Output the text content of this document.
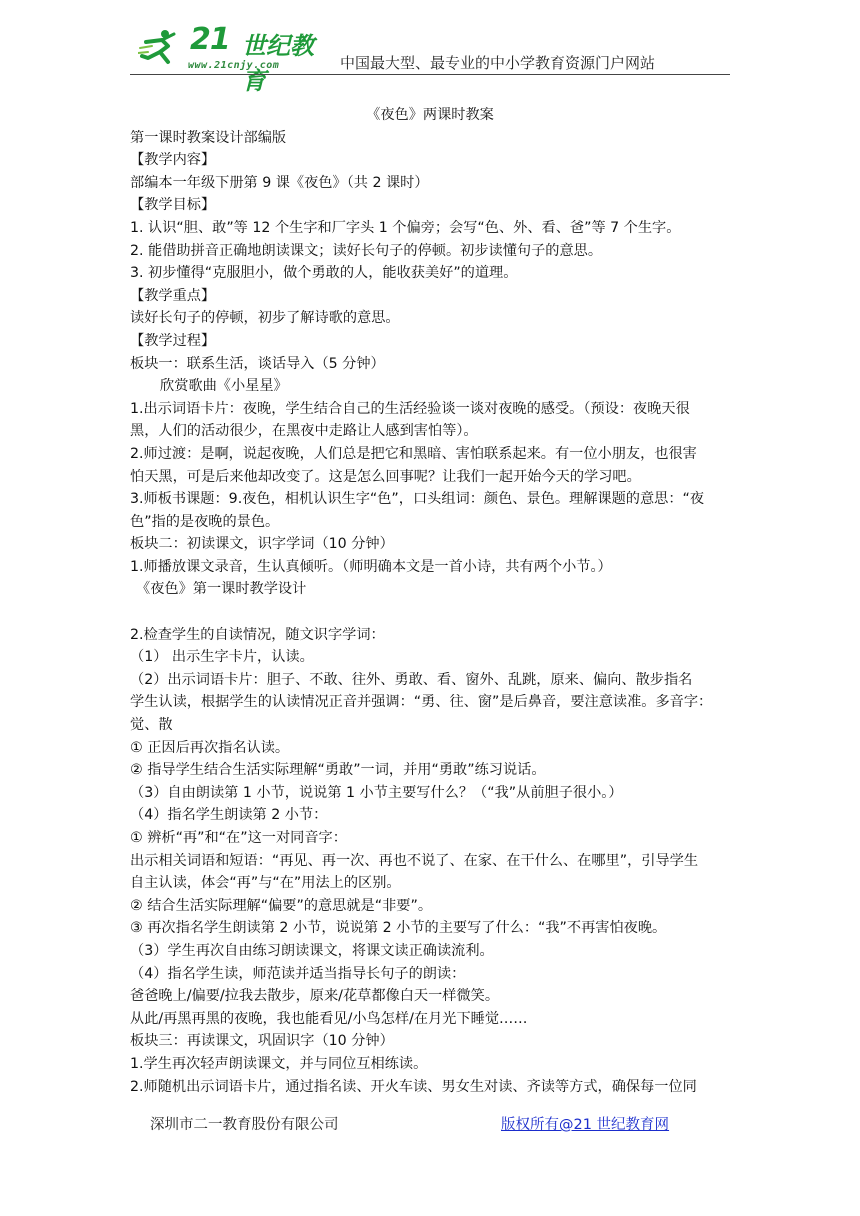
21 世纪教育
www.21cnjy.com	中国最大型、最专业的中小学教育资源门户网站
《夜色》两课时教案
第一课时教案设计部编版
【教学内容】
部编本一年级下册第 9 课《夜色》（共 2 课时）
【教学目标】
1. 认识“胆、敢”等 12 个生字和厂字头 1 个偏旁；会写“色、外、看、爸”等 7 个生字。
2. 能借助拼音正确地朗读课文；读好长句子的停顿。初步读懂句子的意思。
3. 初步懂得“克服胆小，做个勇敢的人，能收获美好”的道理。
【教学重点】
读好长句子的停顿，初步了解诗歌的意思。
【教学过程】
板块一：联系生活，谈话导入（5 分钟）
欣赏歌曲《小星星》
1.出示词语卡片：夜晚，学生结合自己的生活经验谈一谈对夜晚的感受。（预设：夜晚天很
黑，人们的活动很少，在黑夜中走路让人感到害怕等）。
2.师过渡：是啊，说起夜晚，人们总是把它和黑暗、害怕联系起来。有一位小朋友，也很害
怕天黑，可是后来他却改变了。这是怎么回事呢？让我们一起开始今天的学习吧。
3.师板书课题：9.夜色，相机认识生字“色”，口头组词：颜色、景色。理解课题的意思：“夜
色”指的是夜晚的景色。
板块二：初读课文，识字学词（10 分钟）
1.师播放课文录音，生认真倾听。（师明确本文是一首小诗，共有两个小节。）
《夜色》第一课时教学设计
2.检查学生的自读情况，随文识字学词：
（1） 出示生字卡片，认读。
（2）出示词语卡片：胆子、不敢、往外、勇敢、看、窗外、乱跳，原来、偏向、散步指名
学生认读，根据学生的认读情况正音并强调：“勇、往、窗”是后鼻音，要注意读准。多音字：
觉、散
① 正因后再次指名认读。
② 指导学生结合生活实际理解“勇敢”一词，并用“勇敢”练习说话。
（3）自由朗读第 1 小节，说说第 1 小节主要写什么？（“我”从前胆子很小。）
（4）指名学生朗读第 2 小节：
① 辨析“再”和“在”这一对同音字：
出示相关词语和短语：“再见、再一次、再也不说了、在家、在干什么、在哪里”，引导学生
自主认读，体会“再”与“在”用法上的区别。
② 结合生活实际理解“偏要”的意思就是“非要”。
③ 再次指名学生朗读第 2 小节，说说第 2 小节的主要写了什么：“我”不再害怕夜晚。
（3）学生再次自由练习朗读课文，将课文读正确读流利。
（4）指名学生读，师范读并适当指导长句子的朗读：
爸爸晚上/偏要/拉我去散步，原来/花草都像白天一样微笑。
从此/再黑再黑的夜晚，我也能看见/小鸟怎样/在月光下睡觉……
板块三：再读课文，巩固识字（10 分钟）
1.学生再次轻声朗读课文，并与同位互相练读。
2.师随机出示词语卡片，通过指名读、开火车读、男女生对读、齐读等方式，确保每一位同
深圳市二一教育股份有限公司	版权所有@21 世纪教育网
